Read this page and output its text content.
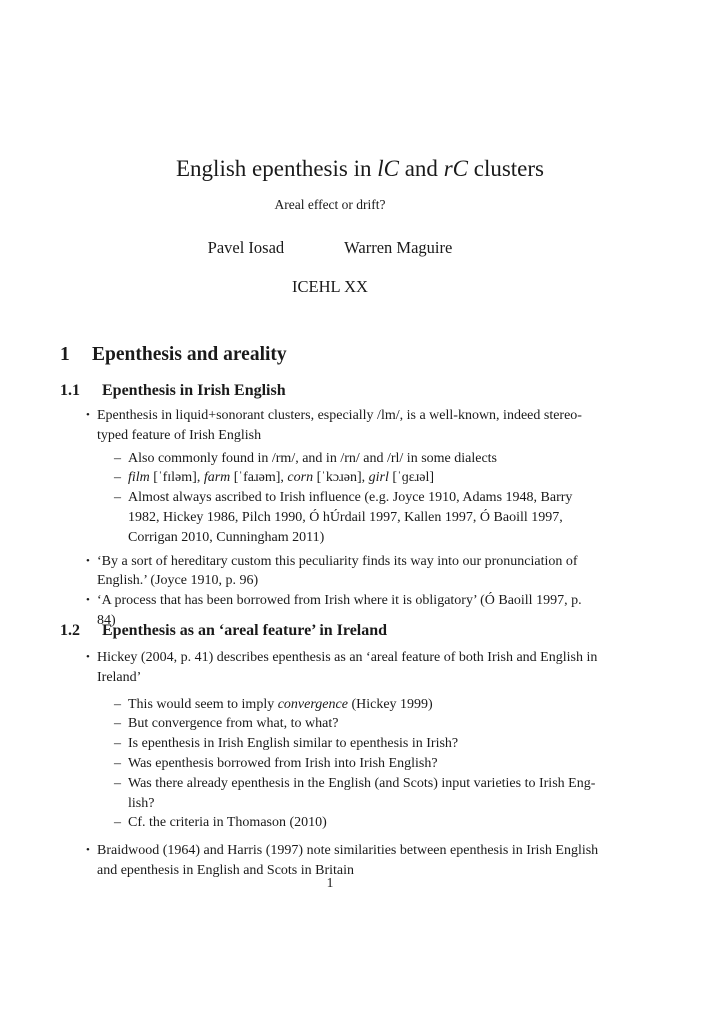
English epenthesis in lC and rC clusters
Areal effect or drift?
Pavel Iosad	Warren Maguire
ICEHL XX
1	Epenthesis and areality
1.1	Epenthesis in Irish English
• Epenthesis in liquid+sonorant clusters, especially /lm/, is a well-known, indeed stereo-typed feature of Irish English
– Also commonly found in /rm/, and in /rn/ and /rl/ in some dialects
– film [ˈfɪləm], farm [ˈfaɹəm], corn [ˈkɔɹən], girl [ˈɡɛɹəl]
– Almost always ascribed to Irish influence (e.g. Joyce 1910, Adams 1948, Barry 1982, Hickey 1986, Pilch 1990, Ó hÚrdail 1997, Kallen 1997, Ó Baoill 1997, Corrigan 2010, Cunningham 2011)
• ‘By a sort of hereditary custom this peculiarity finds its way into our pronunciation of English.’ (Joyce 1910, p. 96)
• ‘A process that has been borrowed from Irish where it is obligatory’ (Ó Baoill 1997, p. 84)
1.2	Epenthesis as an ‘areal feature’ in Ireland
• Hickey (2004, p. 41) describes epenthesis as an ‘areal feature of both Irish and English in Ireland’
– This would seem to imply convergence (Hickey 1999)
– But convergence from what, to what?
– Is epenthesis in Irish English similar to epenthesis in Irish?
– Was epenthesis borrowed from Irish into Irish English?
– Was there already epenthesis in the English (and Scots) input varieties to Irish Eng-lish?
– Cf. the criteria in Thomason (2010)
• Braidwood (1964) and Harris (1997) note similarities between epenthesis in Irish English and epenthesis in English and Scots in Britain
1
